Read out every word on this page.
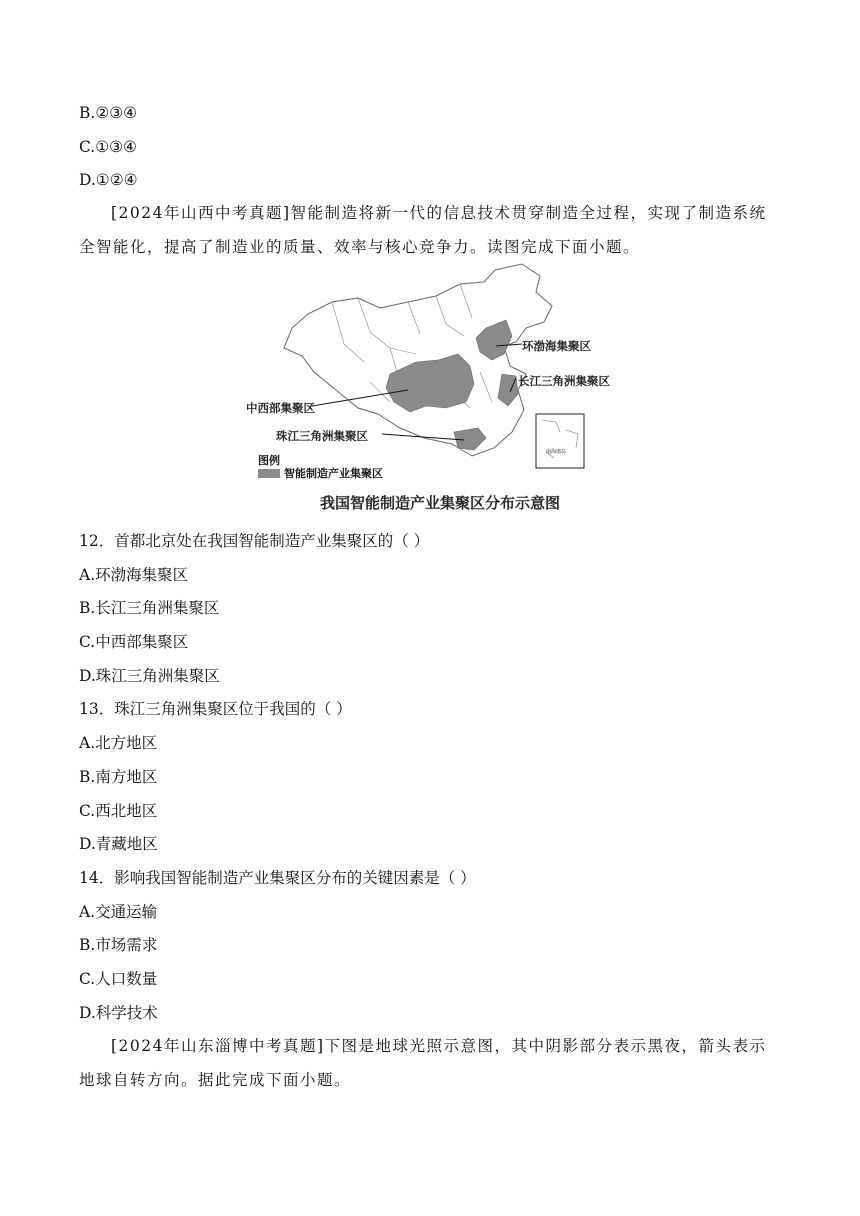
B.②③④
C.①③④
D.①②④
[2024年山西中考真题]智能制造将新一代的信息技术贯穿制造全过程，实现了制造系统全智能化，提高了制造业的质量、效率与核心竞争力。读图完成下面小题。
环渤海集聚区
长江三角洲集聚区
中西部集聚区
珠江三角洲集聚区
图例
智能制造产业集聚区
南海诸岛
我国智能制造产业集聚区分布示意图
12．首都北京处在我国智能制造产业集聚区的（ ）
A.环渤海集聚区
B.长江三角洲集聚区
C.中西部集聚区
D.珠江三角洲集聚区
13．珠江三角洲集聚区位于我国的（ ）
A.北方地区
B.南方地区
C.西北地区
D.青藏地区
14．影响我国智能制造产业集聚区分布的关键因素是（ ）
A.交通运输
B.市场需求
C.人口数量
D.科学技术
[2024年山东淄博中考真题]下图是地球光照示意图，其中阴影部分表示黑夜，箭头表示地球自转方向。据此完成下面小题。
